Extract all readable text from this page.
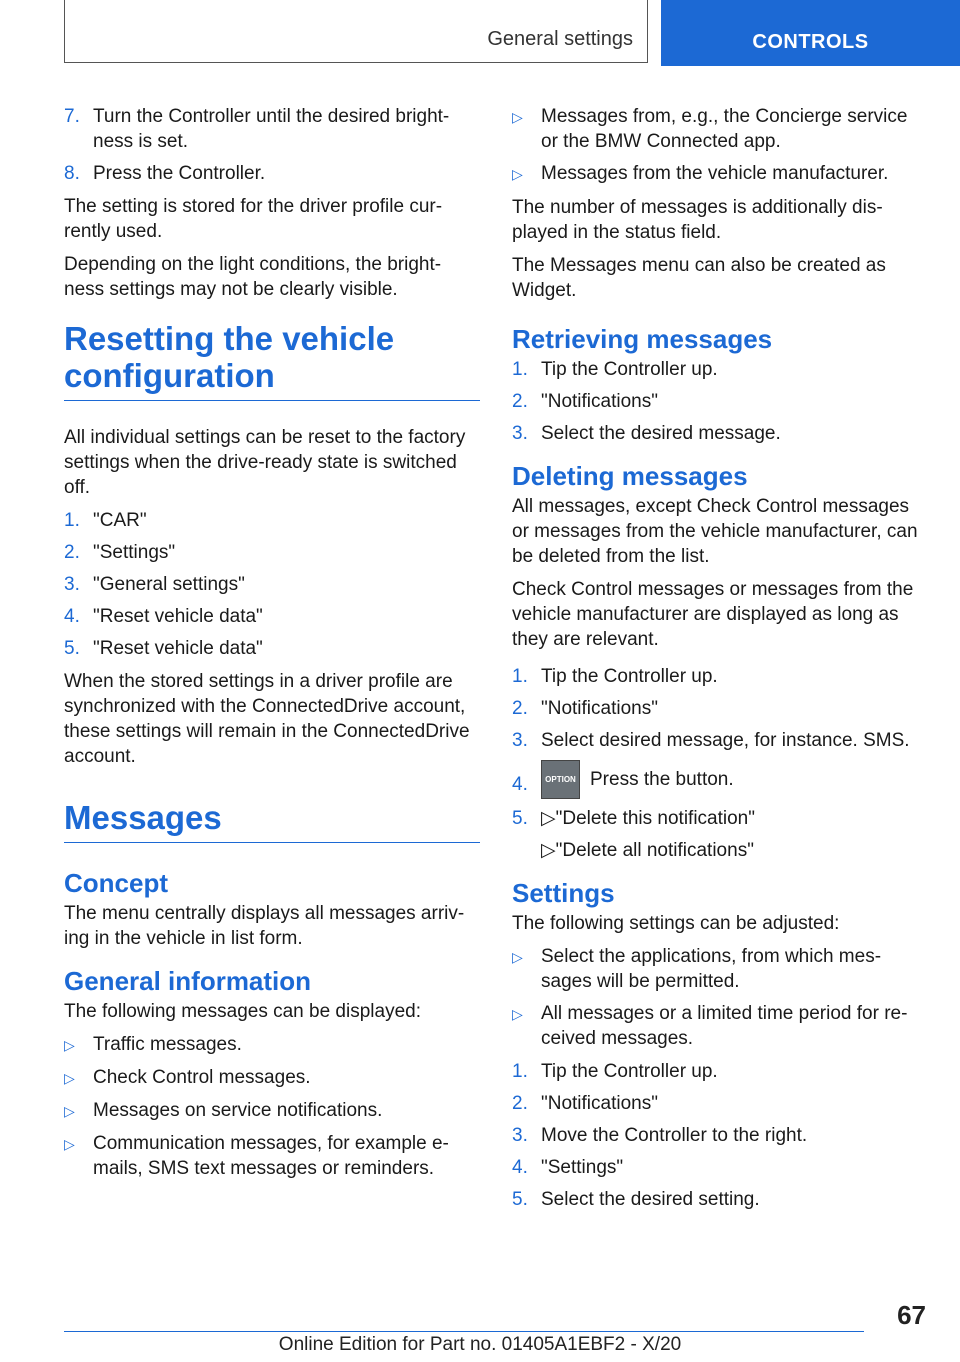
General settings	CONTROLS
7. Turn the Controller until the desired bright- ness is set.
8. Press the Controller.

The setting is stored for the driver profile cur- rently used.

Depending on the light conditions, the bright- ness settings may not be clearly visible.

Resetting the vehicle configuration

All individual settings can be reset to the factory settings when the drive-ready state is switched off.

1. "CAR"
2. "Settings"
3. "General settings"
4. "Reset vehicle data"
5. "Reset vehicle data"

When the stored settings in a driver profile are synchronized with the ConnectedDrive account, these settings will remain in the ConnectedDrive account.

Messages
Concept

The menu centrally displays all messages arriv- ing in the vehicle in list form.

General information

The following messages can be displayed:

▷ Traffic messages.
▷ Check Control messages.
▷ Messages on service notifications.
▷ Communication messages, for example e- mails, SMS text messages or reminders.
▷ Messages from, e.g., the Concierge service or the BMW Connected app.
▷ Messages from the vehicle manufacturer.

The number of messages is additionally dis- played in the status field.

The Messages menu can also be created as Widget.

Retrieving messages
1. Tip the Controller up.
2. "Notifications"
3. Select the desired message.
Deleting messages

All messages, except Check Control messages or messages from the vehicle manufacturer, can be deleted from the list.

Check Control messages or messages from the vehicle manufacturer are displayed as long as they are relevant.

1. Tip the Controller up.
2. "Notifications"
3. Select desired message, for instance. SMS.
4.	OPTION Press the button.
5. ▷ "Delete this notification"
▷ "Delete all notifications"
Settings

The following settings can be adjusted:

▷ Select the applications, from which mes- sages will be permitted.
▷ All messages or a limited time period for re- ceived messages.
1. Tip the Controller up.
2. "Notifications"
3. Move the Controller to the right.
4. "Settings"
5. Select the desired setting.
67
Online Edition for Part no. 01405A1EBF2 - X/20
